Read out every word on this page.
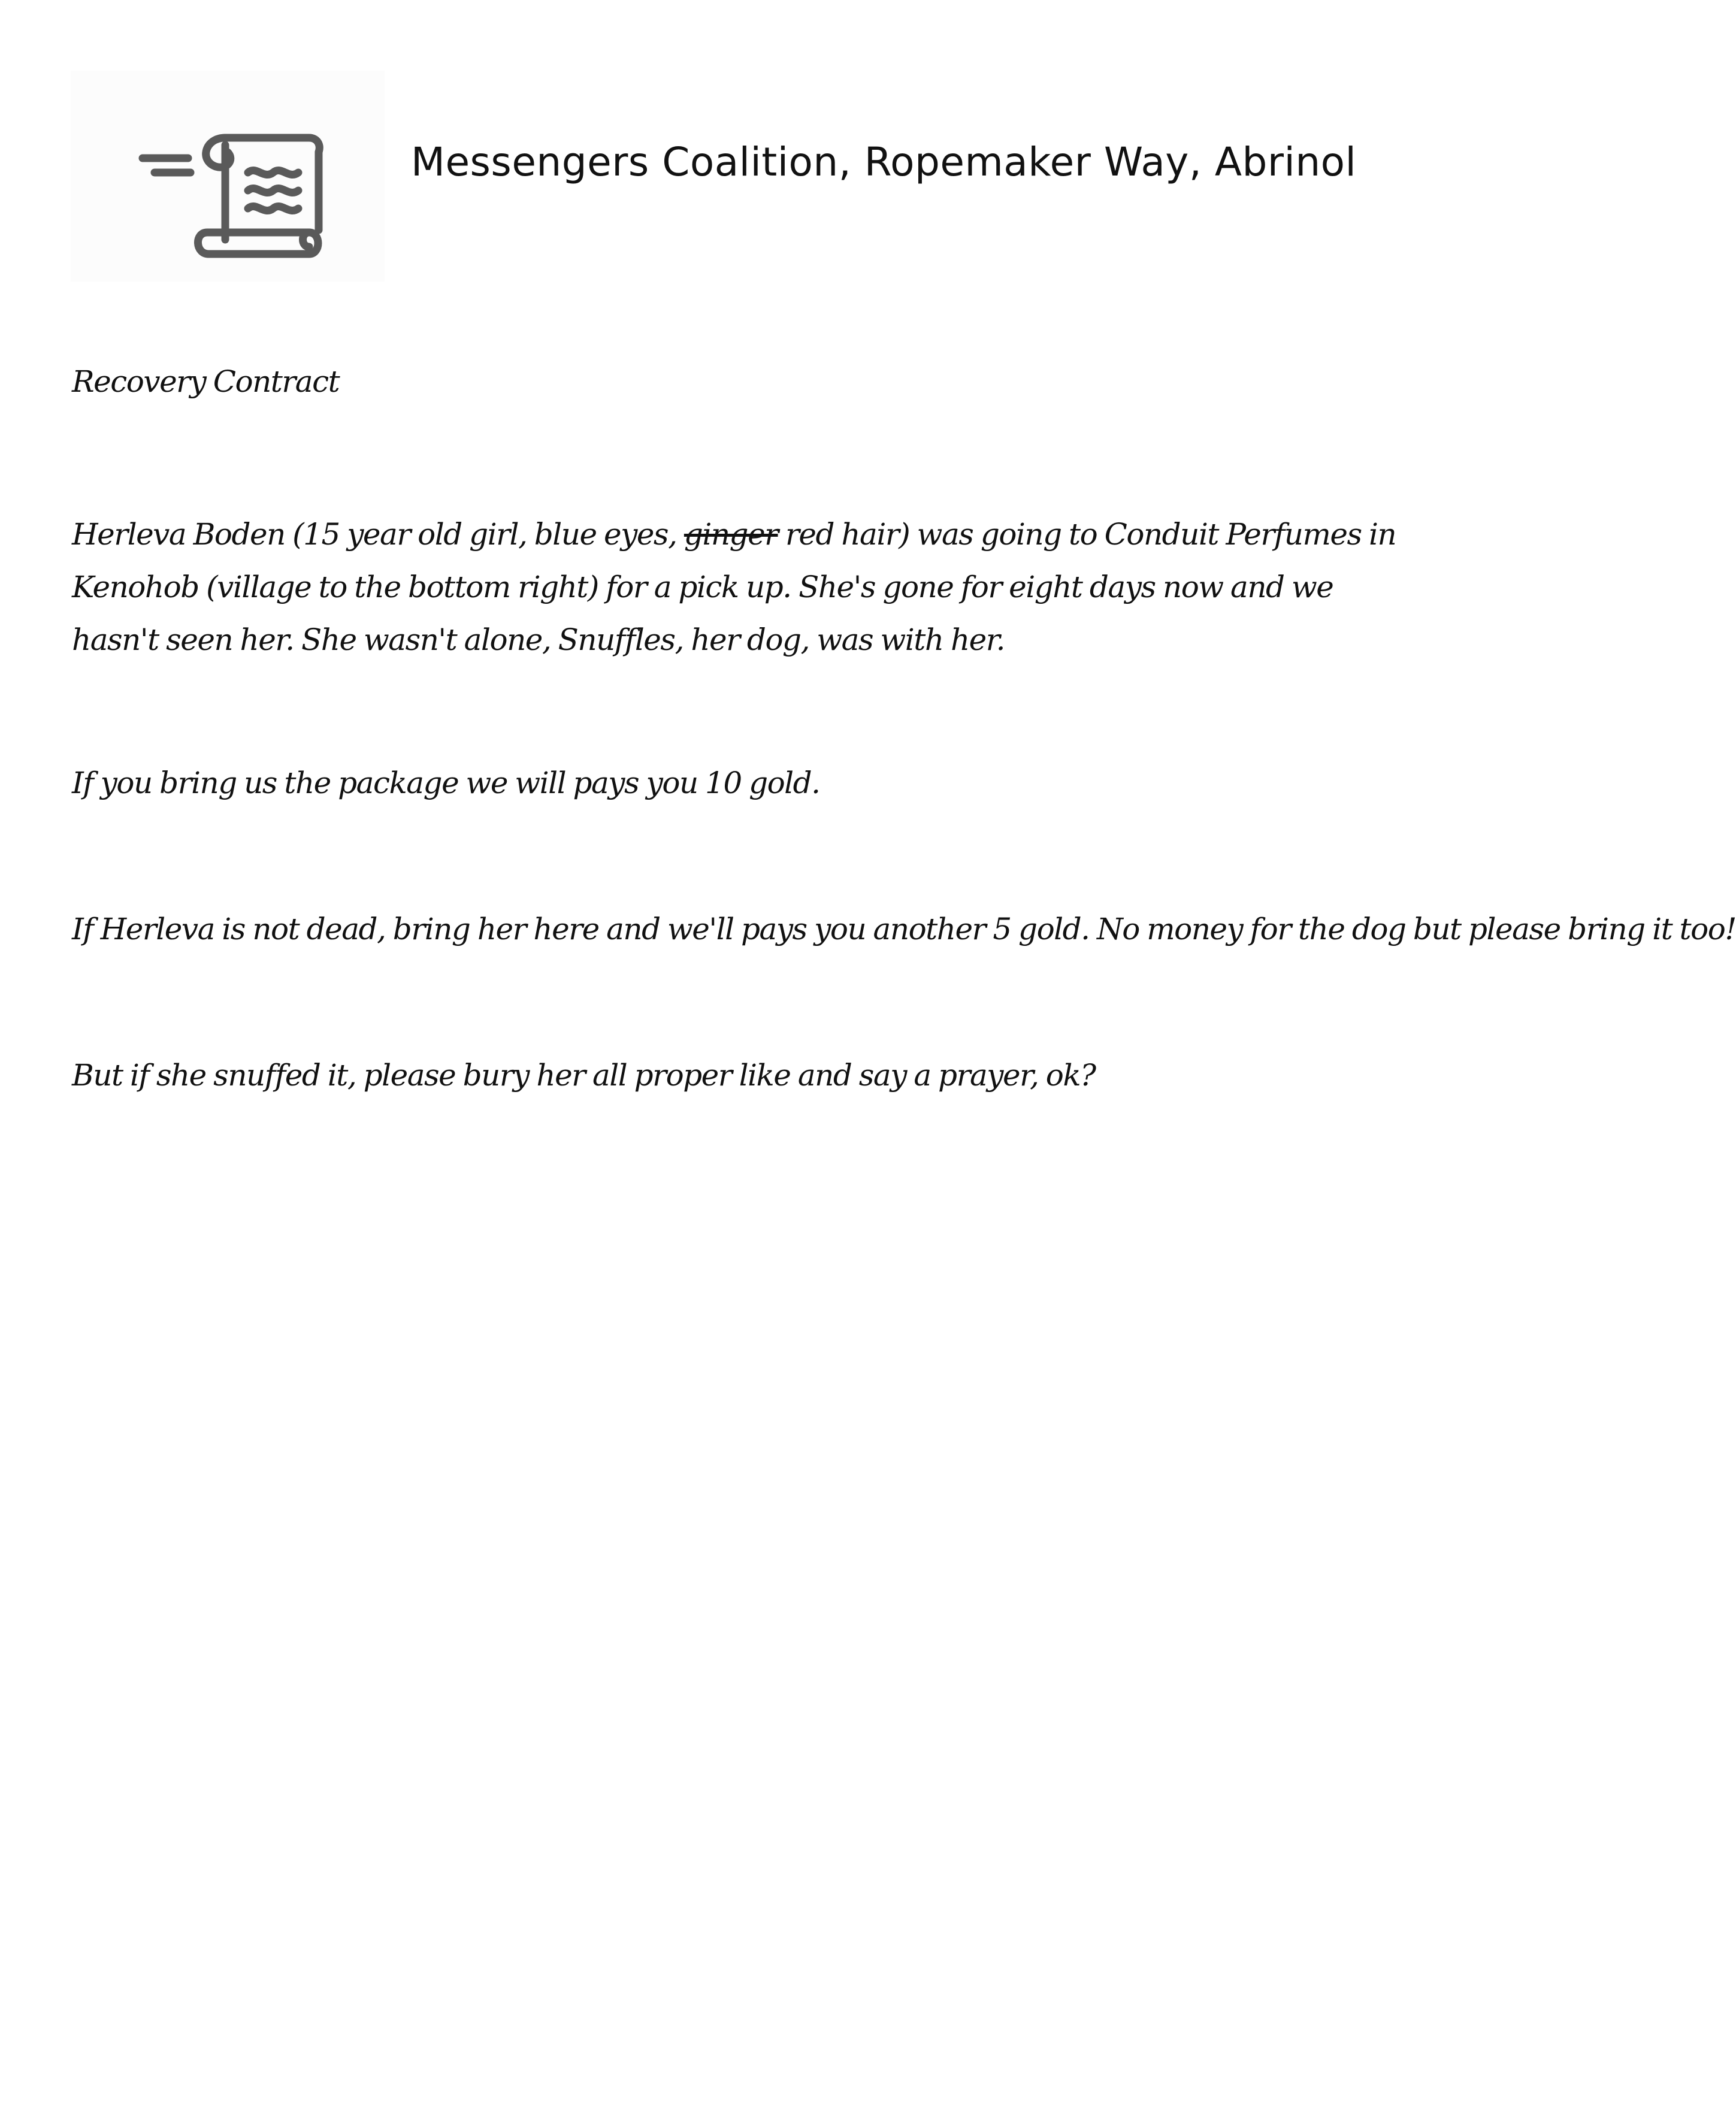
Messengers Coalition, Ropemaker Way, Abrinol
Recovery Contract
Herleva Boden (15 year old girl, blue eyes, ginger red hair) was going to Conduit Perfumes in Kenohob (village to the bottom right) for a pick up. She's gone for eight days now and we hasn't seen her. She wasn't alone, Snuffles, her dog, was with her.
If you bring us the package we will pays you 10 gold.
If Herleva is not dead, bring her here and we'll pays you another 5 gold. No money for the dog but please bring it too!
But if she snuffed it, please bury her all proper like and say a prayer, ok?
